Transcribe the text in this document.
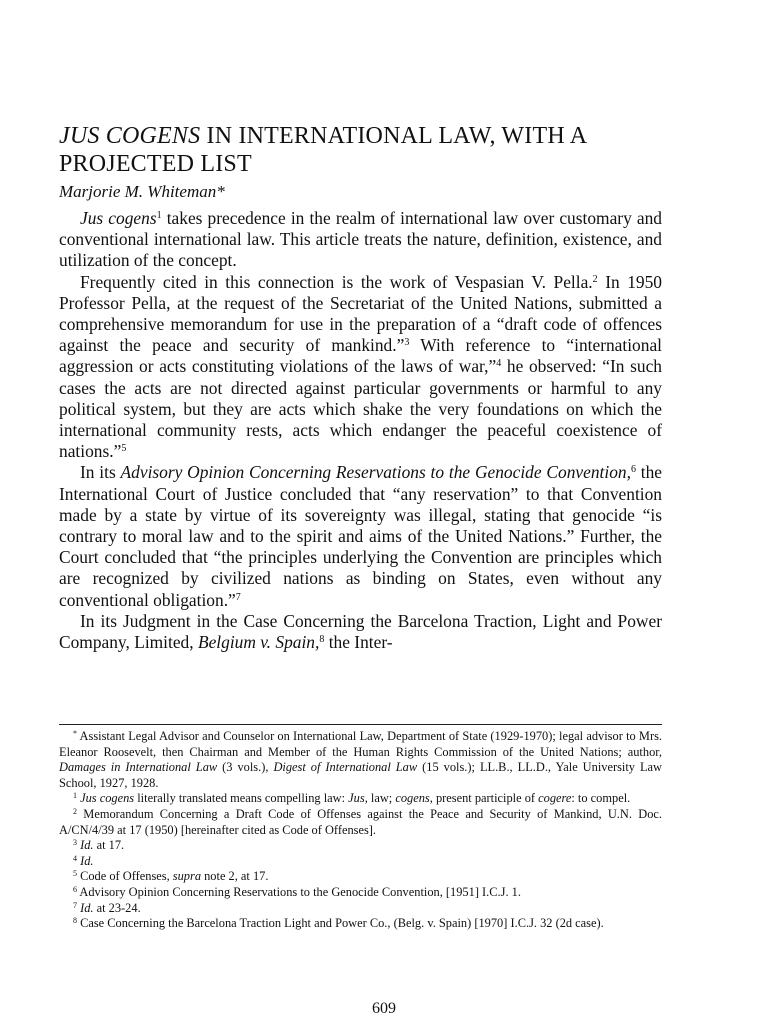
JUS COGENS IN INTERNATIONAL LAW, WITH A PROJECTED LIST
Marjorie M. Whiteman*

Jus cogens$^1$ takes precedence in the realm of international law over customary and conventional international law. This article treats the nature, definition, existence, and utilization of the concept.

Frequently cited in this connection is the work of Vespasian V. Pella.$^2$ In 1950 Professor Pella, at the request of the Secretariat of the United Nations, submitted a comprehensive memorandum for use in the preparation of a “draft code of offences against the peace and security of mankind.”$^3$ With reference to “international aggression or acts constituting violations of the laws of war,”$^4$ he observed: “In such cases the acts are not directed against particular governments or harmful to any political system, but they are acts which shake the very foundations on which the international community rests, acts which endanger the peaceful coexistence of nations.”$^5$

In its Advisory Opinion Concerning Reservations to the Genocide Convention,$^6$ the International Court of Justice concluded that “any reservation” to that Convention made by a state by virtue of its sovereignty was illegal, stating that genocide “is contrary to moral law and to the spirit and aims of the United Nations.” Further, the Court concluded that “the principles underlying the Convention are principles which are recognized by civilized nations as binding on States, even without any conventional obligation.”$^7$

In its Judgment in the Case Concerning the Barcelona Traction, Light and Power Company, Limited, Belgium v. Spain,$^8$ the Inter-

* Assistant Legal Advisor and Counselor on International Law, Department of State (1929-1970); legal advisor to Mrs. Eleanor Roosevelt, then Chairman and Member of the Human Rights Commission of the United Nations; author, Damages in International Law (3 vols.), Digest of International Law (15 vols.); LL.B., LL.D., Yale University Law School, 1927, 1928.

$^1$ Jus cogens literally translated means compelling law: Jus, law; cogens, present participle of cogere: to compel.

$^2$ Memorandum Concerning a Draft Code of Offenses against the Peace and Security of Mankind, U.N. Doc. A/CN/4/39 at 17 (1950) [hereinafter cited as Code of Offenses].

$^3$ Id. at 17.

$^4$ Id.

$^5$ Code of Offenses, supra note 2, at 17.

$^6$ Advisory Opinion Concerning Reservations to the Genocide Convention, [1951] I.C.J. 1.

$^7$ Id. at 23-24.

$^8$ Case Concerning the Barcelona Traction Light and Power Co., (Belg. v. Spain) [1970] I.C.J. 32 (2d case).

609
